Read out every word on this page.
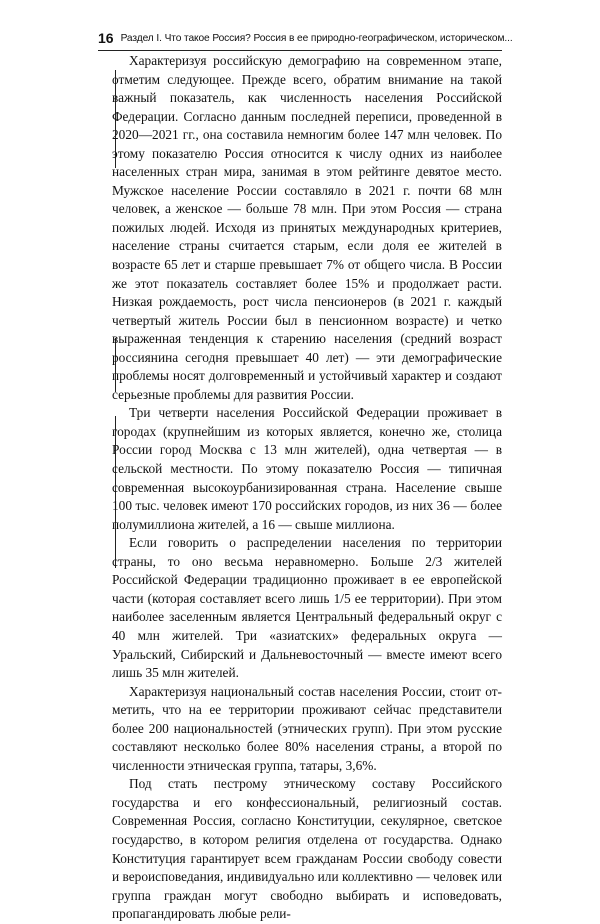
16 Раздел I. Что такое Россия? Россия в ее природно-географическом, историческом...

Характеризуя российскую демографию на современном этапе, отметим следующее. Прежде всего, обратим внимание на такой важный показатель, как численность населения Российской Федерации. Согласно данным последней переписи, проведенной в 2020—2021 гг., она составила немногим более 147 млн человек. По этому показателю Россия относится к числу одних из наиболее населенных стран мира, занимая в этом рейтинге девятое место. Мужское население России составляло в 2021 г. почти 68 млн человек, а женское — больше 78 млн. При этом Россия — страна пожилых людей. Исходя из принятых международных критериев, население страны считается старым, если доля ее жителей в возрасте 65 лет и старше превышает 7% от общего числа. В России же этот показатель составляет более 15% и продолжает расти. Низкая рождаемость, рост числа пенсионеров (в 2021 г. каждый четвертый житель России был в пенсионном возрасте) и четко выраженная тенденция к старению населения (средний возраст россиянина сегодня превышает 40 лет) — эти демографические проблемы носят долговременный и устойчивый характер и создают серьезные проблемы для развития России.

Три четверти населения Российской Федерации проживает в городах (крупнейшим из которых является, конечно же, столица России город Москва с 13 млн жителей), одна четвертая — в сельской местности. По этому показателю Россия — типичная современная высокоурбанизированная страна. Население свыше 100 тыс. человек имеют 170 российских городов, из них 36 — более полумиллиона жителей, а 16 — свыше миллиона.

Если говорить о распределении населения по территории страны, то оно весьма неравномерно. Больше 2/3 жителей Российской Федерации традиционно проживает в ее европейской части (которая составляет всего лишь 1/5 ее территории). При этом наиболее заселенным является Центральный федеральный округ с 40 млн жителей. Три «азиатских» федеральных округа — Уральский, Сибирский и Дальневосточный — вместе имеют всего лишь 35 млн жителей.

Характеризуя национальный состав населения России, стоит отметить, что на ее территории проживают сейчас представители более 200 национальностей (этнических групп). При этом русские составляют несколько более 80% населения страны, а второй по численности этническая группа, татары, 3,6%.

Под стать пестрому этническому составу Российского государства и его конфессиональный, религиозный состав. Современная Россия, согласно Конституции, секулярное, светское государство, в котором религия отделена от государства. Однако Конституция гарантирует всем гражданам России свободу совести и вероисповедания, индивидуально или коллективно — человек или группа граждан могут свободно выбирать и исповедовать, пропагандировать любые рели-
